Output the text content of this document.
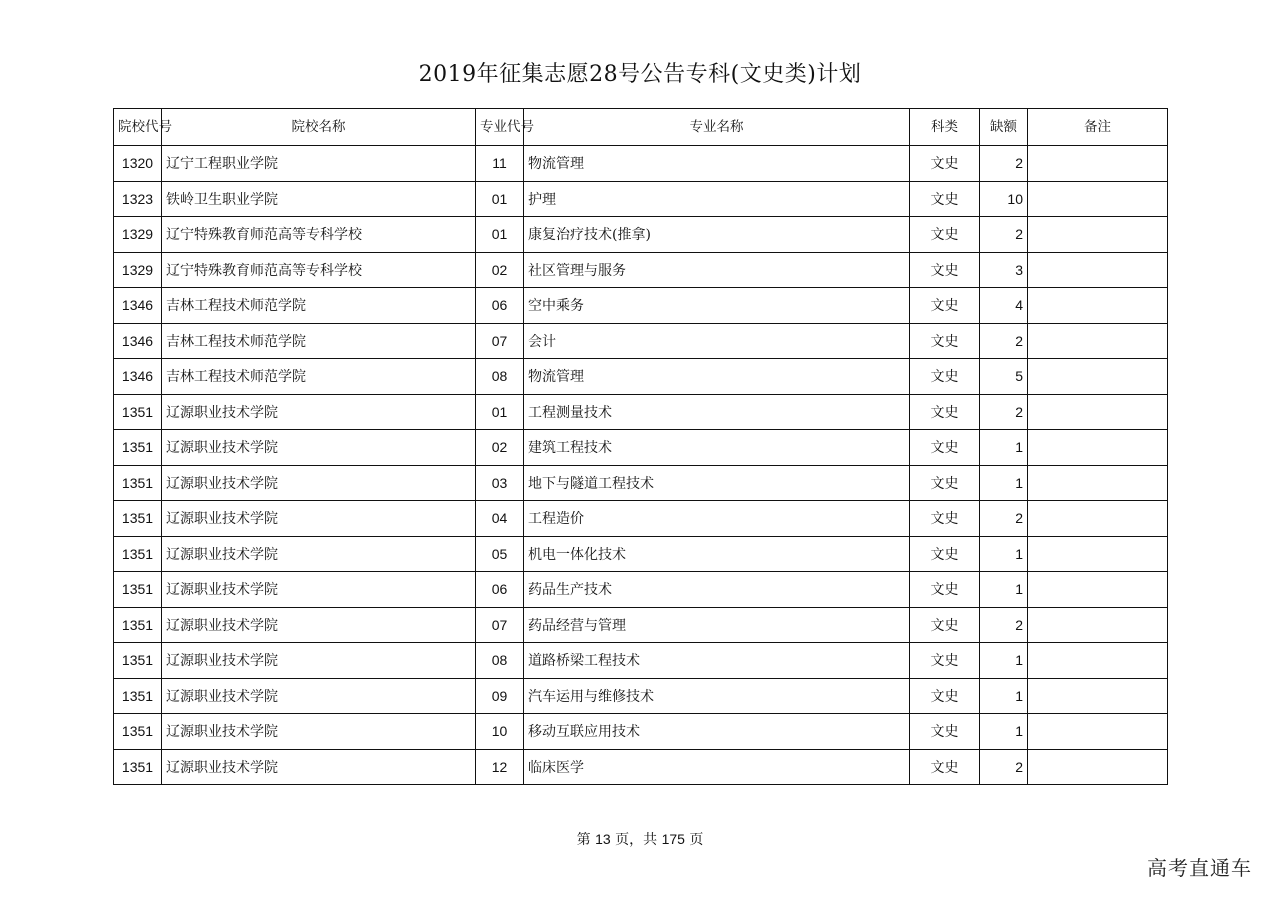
2019年征集志愿28号公告专科(文史类)计划
院校代号	院校名称	专业代号	专业名称	科类	缺额	备注
1320	辽宁工程职业学院	11	物流管理	文史	2	
1323	铁岭卫生职业学院	01	护理	文史	10	
1329	辽宁特殊教育师范高等专科学校	01	康复治疗技术(推拿)	文史	2	
1329	辽宁特殊教育师范高等专科学校	02	社区管理与服务	文史	3	
1346	吉林工程技术师范学院	06	空中乘务	文史	4	
1346	吉林工程技术师范学院	07	会计	文史	2	
1346	吉林工程技术师范学院	08	物流管理	文史	5	
1351	辽源职业技术学院	01	工程测量技术	文史	2	
1351	辽源职业技术学院	02	建筑工程技术	文史	1	
1351	辽源职业技术学院	03	地下与隧道工程技术	文史	1	
1351	辽源职业技术学院	04	工程造价	文史	2	
1351	辽源职业技术学院	05	机电一体化技术	文史	1	
1351	辽源职业技术学院	06	药品生产技术	文史	1	
1351	辽源职业技术学院	07	药品经营与管理	文史	2	
1351	辽源职业技术学院	08	道路桥梁工程技术	文史	1	
1351	辽源职业技术学院	09	汽车运用与维修技术	文史	1	
1351	辽源职业技术学院	10	移动互联应用技术	文史	1	
1351	辽源职业技术学院	12	临床医学	文史	2	
第 13 页，共 175 页
高考直通车
